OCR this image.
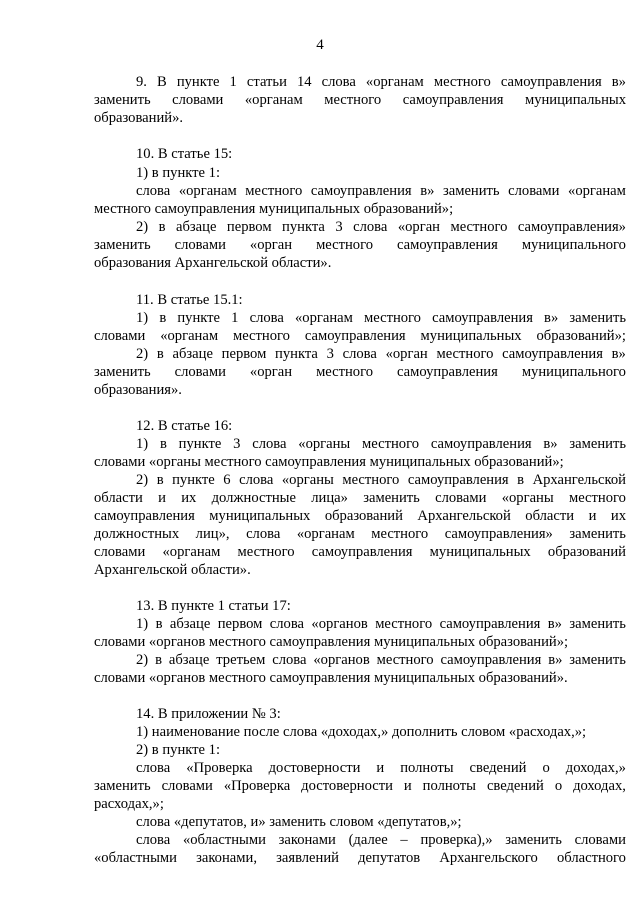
4
9. В пункте 1 статьи 14 слова «органам местного самоуправления в»
заменить словами «органам местного самоуправления муниципальных
образований».
10. В статье 15:
1) в пункте 1:
слова «органам местного самоуправления в» заменить словами «органам
местного самоуправления муниципальных образований»;
2) в абзаце первом пункта 3 слова «орган местного самоуправления»
заменить словами «орган местного самоуправления муниципального
образования Архангельской области».
11. В статье 15.1:
1) в пункте 1 слова «органам местного самоуправления в» заменить
словами «органам местного самоуправления муниципальных образований»;
2) в абзаце первом пункта 3 слова «орган местного самоуправления в»
заменить словами «орган местного самоуправления муниципального
образования».
12. В статье 16:
1) в пункте 3 слова «органы местного самоуправления в» заменить
словами «органы местного самоуправления муниципальных образований»;
2) в пункте 6 слова «органы местного самоуправления в Архангельской
области и их должностные лица» заменить словами «органы местного
самоуправления муниципальных образований Архангельской области и их
должностных лиц», слова «органам местного самоуправления» заменить
словами «органам местного самоуправления муниципальных образований
Архангельской области».
13. В пункте 1 статьи 17:
1) в абзаце первом слова «органов местного самоуправления в» заменить
словами «органов местного самоуправления муниципальных образований»;
2) в абзаце третьем слова «органов местного самоуправления в» заменить
словами «органов местного самоуправления муниципальных образований».
14. В приложении № 3:
1) наименование после слова «доходах,» дополнить словом «расходах,»;
2) в пункте 1:
слова «Проверка достоверности и полноты сведений о доходах,»
заменить словами «Проверка достоверности и полноты сведений о доходах,
расходах,»;
слова «депутатов, и» заменить словом «депутатов,»;
слова «областными законами (далее – проверка),» заменить словами
«областными законами, заявлений депутатов Архангельского областного
